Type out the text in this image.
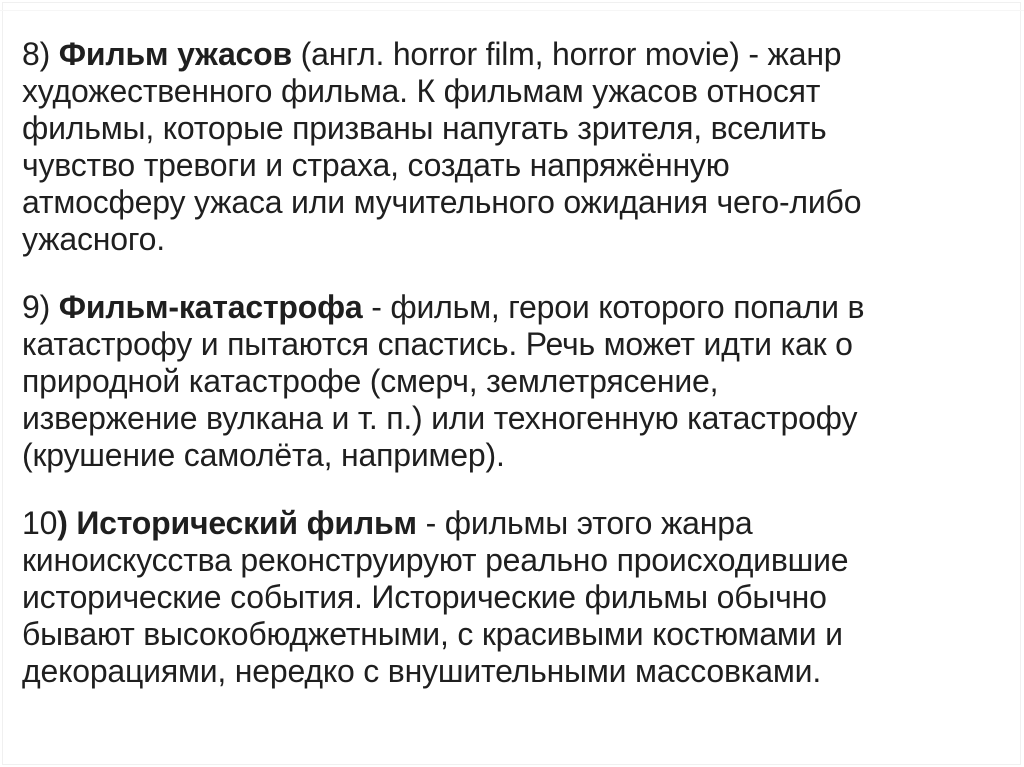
8) Фильм ужасов (англ. horror film, horror movie) - жанр
художественного фильма. К фильмам ужасов относят
фильмы, которые призваны напугать зрителя, вселить
чувство тревоги и страха, создать напряжённую
атмосферу ужаса или мучительного ожидания чего-либо
ужасного.
9) Фильм-катастрофа - фильм, герои которого попали в
катастрофу и пытаются спастись. Речь может идти как о
природной катастрофе (смерч, землетрясение,
извержение вулкана и т. п.) или техногенную катастрофу
(крушение самолёта, например).
10) Исторический фильм - фильмы этого жанра
киноискусства реконструируют реально происходившие
исторические события. Исторические фильмы обычно
бывают высокобюджетными, с красивыми костюмами и
декорациями, нередко с внушительными массовками.
